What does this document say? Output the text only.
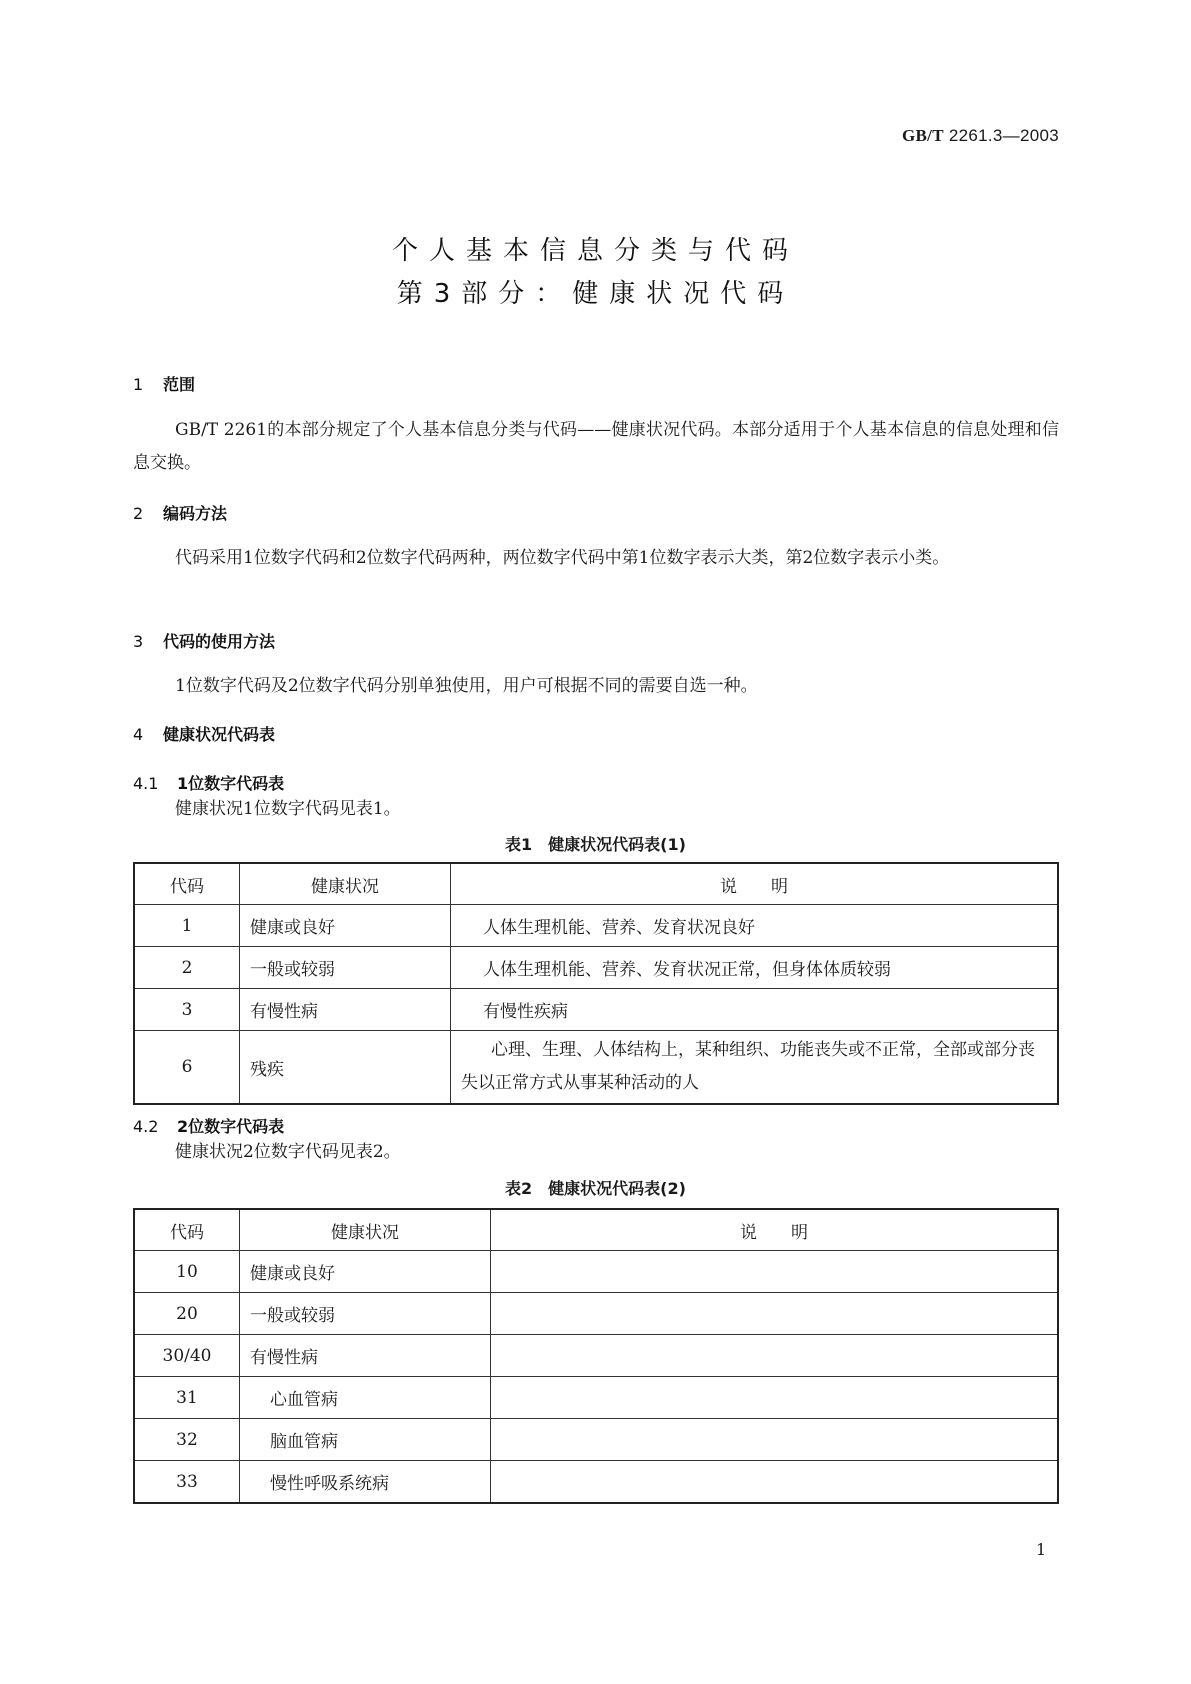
GB/T 2261.3—2003
个人基本信息分类与代码
第3部分：健康状况代码
1 范围
GB/T 2261的本部分规定了个人基本信息分类与代码——健康状况代码。本部分适用于个人基本信息的信息处理和信息交换。
2 编码方法
代码采用1位数字代码和2位数字代码两种，两位数字代码中第1位数字表示大类，第2位数字表示小类。
3 代码的使用方法
1位数字代码及2位数字代码分别单独使用，用户可根据不同的需要自选一种。
4 健康状况代码表
4.1 1位数字代码表
健康状况1位数字代码见表1。
表1　健康状况代码表(1)
代码	健康状况	说　　明
1	健康或良好	人体生理机能、营养、发育状况良好
2	一般或较弱	人体生理机能、营养、发育状况正常，但身体体质较弱
3	有慢性病	有慢性疾病
6	残疾	心理、生理、人体结构上，某种组织、功能丧失或不正常，全部或部分丧失以正常方式从事某种活动的人
4.2 2位数字代码表
健康状况2位数字代码见表2。
表2　健康状况代码表(2)
代码	健康状况	说　　明
10	健康或良好	
20	一般或较弱	
30/40	有慢性病	
31	心血管病	
32	脑血管病	
33	慢性呼吸系统病	
1
